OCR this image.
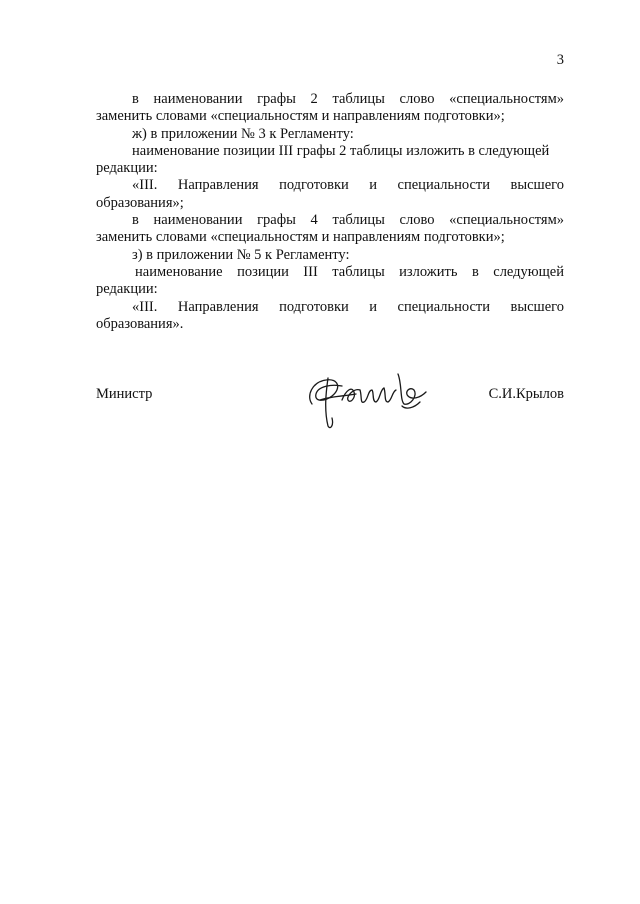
3
в наименовании графы 2 таблицы слово «специальностям»
заменить словами «специальностям и направлениям подготовки»;
ж) в приложении № 3 к Регламенту:
наименование позиции III графы 2 таблицы изложить в следующей
редакции:
«III. Направления подготовки и специальности высшего
образования»;
в наименовании графы 4 таблицы слово «специальностям»
заменить словами «специальностям и направлениям подготовки»;
з) в приложении № 5 к Регламенту:
наименование позиции III таблицы изложить в следующей
редакции:
«III. Направления подготовки и специальности высшего
образования».
Министр	С.И.Крылов
